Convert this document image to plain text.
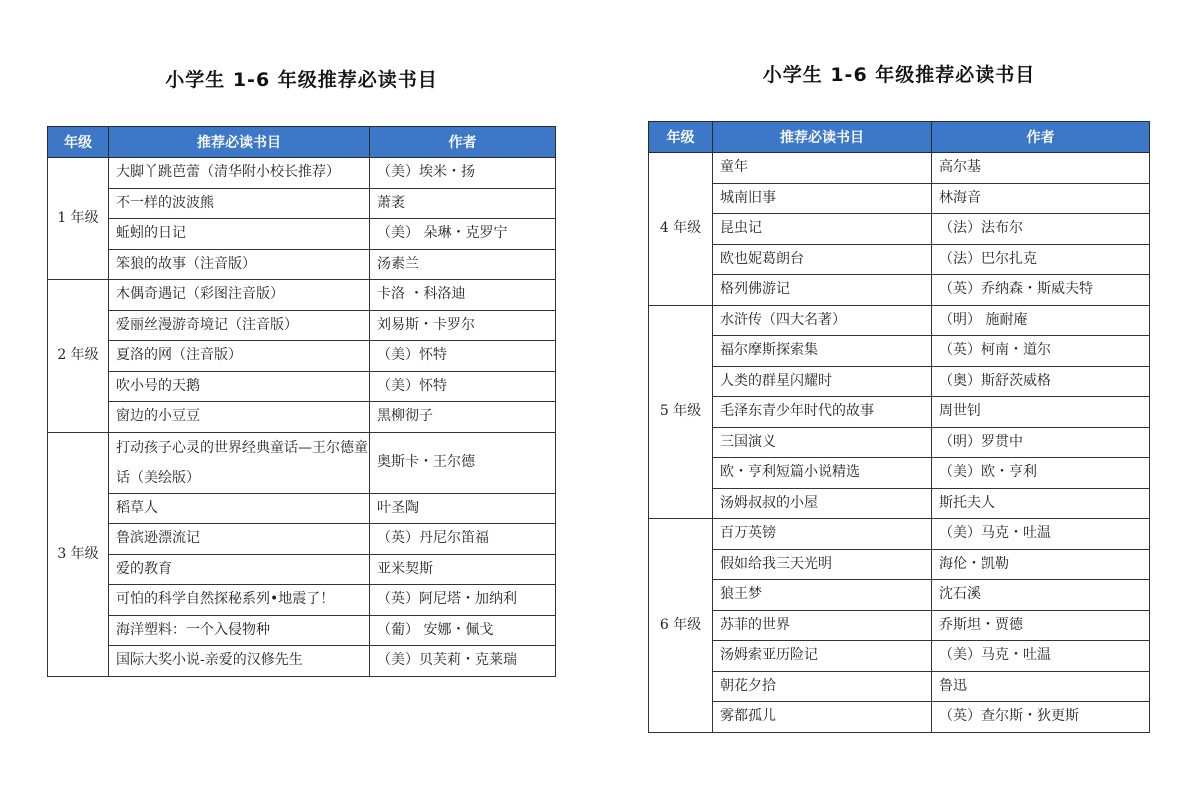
小学生 1-6 年级推荐必读书目
年级	推荐必读书目	作者
1 年级	大脚丫跳芭蕾（清华附小校长推荐）	（美）埃米・扬
	不一样的波波熊	萧袤
	蚯蚓的日记	（美） 朵琳・克罗宁
	笨狼的故事（注音版）	汤素兰
2 年级	木偶奇遇记（彩图注音版）	卡洛 ・科洛迪
	爱丽丝漫游奇境记（注音版）	刘易斯・卡罗尔
	夏洛的网（注音版）	（美）怀特
	吹小号的天鹅	（美）怀特
	窗边的小豆豆	黑柳彻子
3 年级	打动孩子心灵的世界经典童话—王尔德童话（美绘版）	奥斯卡・王尔德
	稻草人	叶圣陶
	鲁滨逊漂流记	（英）丹尼尔笛福
	爱的教育	亚米契斯
	可怕的科学自然探秘系列•地震了！	（英）阿尼塔・加纳利
	海洋塑料：一个入侵物种	（葡） 安娜・佩戈
	国际大奖小说-亲爱的汉修先生	（美）贝芙莉・克莱瑞
小学生 1-6 年级推荐必读书目
年级	推荐必读书目	作者
4 年级	童年	高尔基
	城南旧事	林海音
	昆虫记	（法）法布尔
	欧也妮葛朗台	（法）巴尔扎克
	格列佛游记	（英）乔纳森・斯威夫特
5 年级	水浒传（四大名著）	（明） 施耐庵
	福尔摩斯探索集	（英）柯南・道尔
	人类的群星闪耀时	（奥）斯舒茨威格
	毛泽东青少年时代的故事	周世钊
	三国演义	（明）罗贯中
	欧・亨利短篇小说精选	（美）欧・亨利
	汤姆叔叔的小屋	斯托夫人
6 年级	百万英镑	（美）马克・吐温
	假如给我三天光明	海伦・凯勒
	狼王梦	沈石溪
	苏菲的世界	乔斯坦・贾德
	汤姆索亚历险记	（美）马克・吐温
	朝花夕拾	鲁迅
	雾都孤儿	（英）查尔斯・狄更斯
